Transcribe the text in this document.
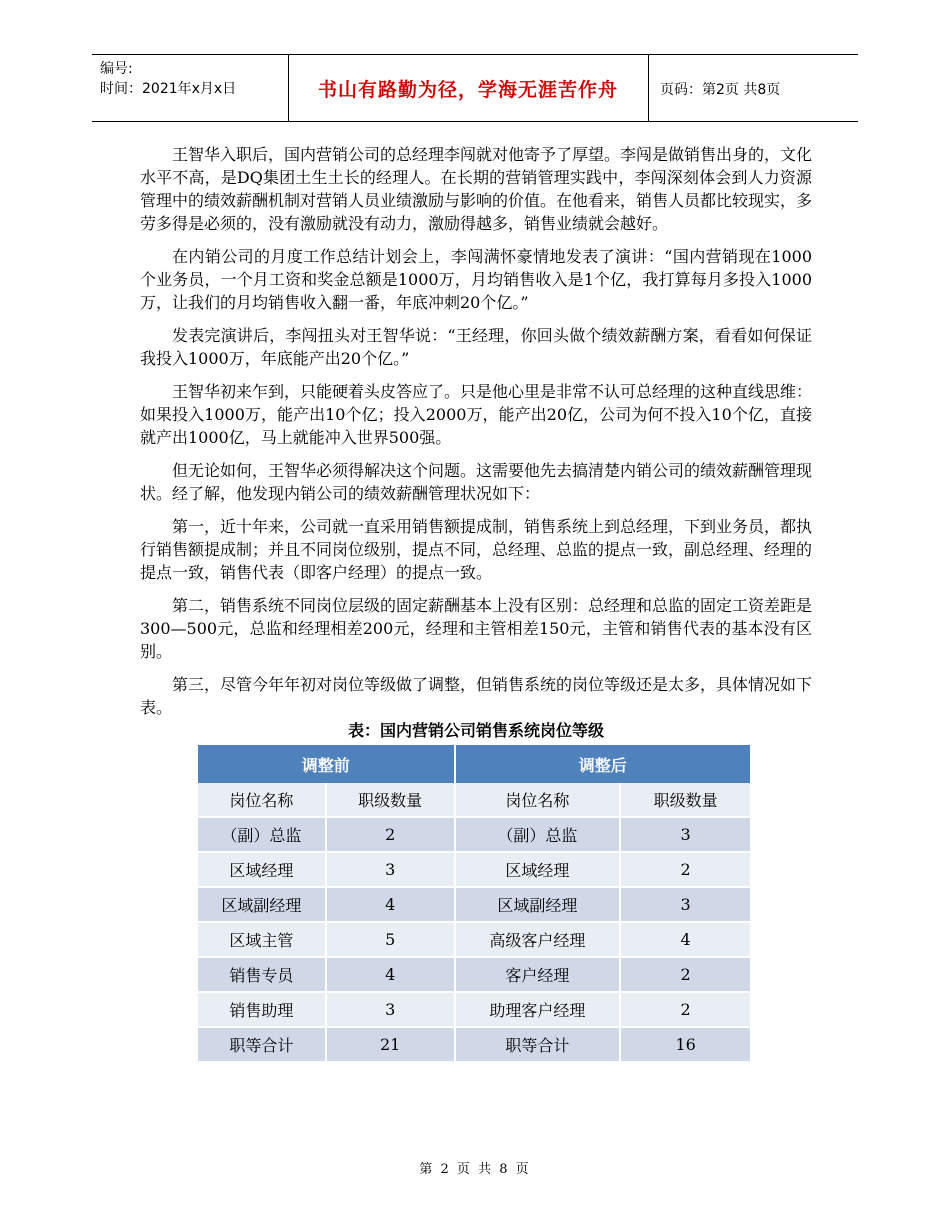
编号:
时间：2021年x月x日	书山有路勤为径，学海无涯苦作舟	页码：第2页 共8页

王智华入职后，国内营销公司的总经理李闯就对他寄予了厚望。李闯是做销售出身的，文化水平不高，是DQ集团土生土长的经理人。在长期的营销管理实践中，李闯深刻体会到人力资源管理中的绩效薪酬机制对营销人员业绩激励与影响的价值。在他看来，销售人员都比较现实，多劳多得是必须的，没有激励就没有动力，激励得越多，销售业绩就会越好。

在内销公司的月度工作总结计划会上，李闯满怀豪情地发表了演讲：“国内营销现在1000个业务员，一个月工资和奖金总额是1000万，月均销售收入是1个亿，我打算每月多投入1000万，让我们的月均销售收入翻一番，年底冲刺20个亿。”

发表完演讲后，李闯扭头对王智华说：“王经理，你回头做个绩效薪酬方案，看看如何保证我投入1000万，年底能产出20个亿。”

王智华初来乍到，只能硬着头皮答应了。只是他心里是非常不认可总经理的这种直线思维：如果投入1000万，能产出10个亿；投入2000万，能产出20亿，公司为何不投入10个亿，直接就产出1000亿，马上就能冲入世界500强。

但无论如何，王智华必须得解决这个问题。这需要他先去搞清楚内销公司的绩效薪酬管理现状。经了解，他发现内销公司的绩效薪酬管理状况如下：

第一，近十年来，公司就一直采用销售额提成制，销售系统上到总经理，下到业务员，都执行销售额提成制；并且不同岗位级别，提点不同，总经理、总监的提点一致，副总经理、经理的提点一致，销售代表（即客户经理）的提点一致。

第二，销售系统不同岗位层级的固定薪酬基本上没有区别：总经理和总监的固定工资差距是300—500元，总监和经理相差200元，经理和主管相差150元，主管和销售代表的基本没有区别。

第三，尽管今年年初对岗位等级做了调整，但销售系统的岗位等级还是太多，具体情况如下表。

表：国内营销公司销售系统岗位等级
调整前		调整后	
岗位名称	职级数量	岗位名称	职级数量
（副）总监	2	（副）总监	3
区域经理	3	区域经理	2
区域副经理	4	区域副经理	3
区域主管	5	高级客户经理	4
销售专员	4	客户经理	2
销售助理	3	助理客户经理	2
职等合计	21	职等合计	16
第 2 页 共 8 页
